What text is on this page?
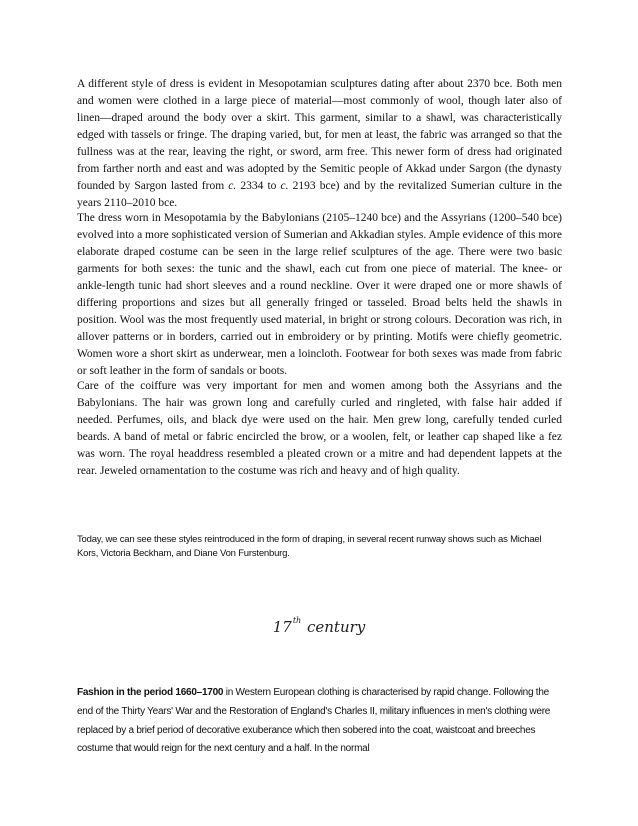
A different style of dress is evident in Mesopotamian sculptures dating after about 2370 bce. Both men and women were clothed in a large piece of material—most commonly of wool, though later also of linen—draped around the body over a skirt. This garment, similar to a shawl, was characteristically edged with tassels or fringe. The draping varied, but, for men at least, the fabric was arranged so that the fullness was at the rear, leaving the right, or sword, arm free. This newer form of dress had originated from farther north and east and was adopted by the Semitic people of Akkad under Sargon (the dynasty founded by Sargon lasted from c. 2334 to c. 2193 bce) and by the revitalized Sumerian culture in the years 2110–2010 bce.

The dress worn in Mesopotamia by the Babylonians (2105–1240 bce) and the Assyrians (1200–540 bce) evolved into a more sophisticated version of Sumerian and Akkadian styles. Ample evidence of this more elaborate draped costume can be seen in the large relief sculptures of the age. There were two basic garments for both sexes: the tunic and the shawl, each cut from one piece of material. The knee- or ankle-length tunic had short sleeves and a round neckline. Over it were draped one or more shawls of differing proportions and sizes but all generally fringed or tasseled. Broad belts held the shawls in position. Wool was the most frequently used material, in bright or strong colours. Decoration was rich, in allover patterns or in borders, carried out in embroidery or by printing. Motifs were chiefly geometric. Women wore a short skirt as underwear, men a loincloth. Footwear for both sexes was made from fabric or soft leather in the form of sandals or boots.

Care of the coiffure was very important for men and women among both the Assyrians and the Babylonians. The hair was grown long and carefully curled and ringleted, with false hair added if needed. Perfumes, oils, and black dye were used on the hair. Men grew long, carefully tended curled beards. A band of metal or fabric encircled the brow, or a woolen, felt, or leather cap shaped like a fez was worn. The royal headdress resembled a pleated crown or a mitre and had dependent lappets at the rear. Jeweled ornamentation to the costume was rich and heavy and of high quality.

Today, we can see these styles reintroduced in the form of draping, in several recent runway shows such as Michael Kors, Victoria Beckham, and Diane Von Furstenburg.

17th century

Fashion in the period 1660–1700 in Western European clothing is characterised by rapid change. Following the end of the Thirty Years' War and the Restoration of England's Charles II, military influences in men's clothing were replaced by a brief period of decorative exuberance which then sobered into the coat, waistcoat and breeches costume that would reign for the next century and a half. In the normal
